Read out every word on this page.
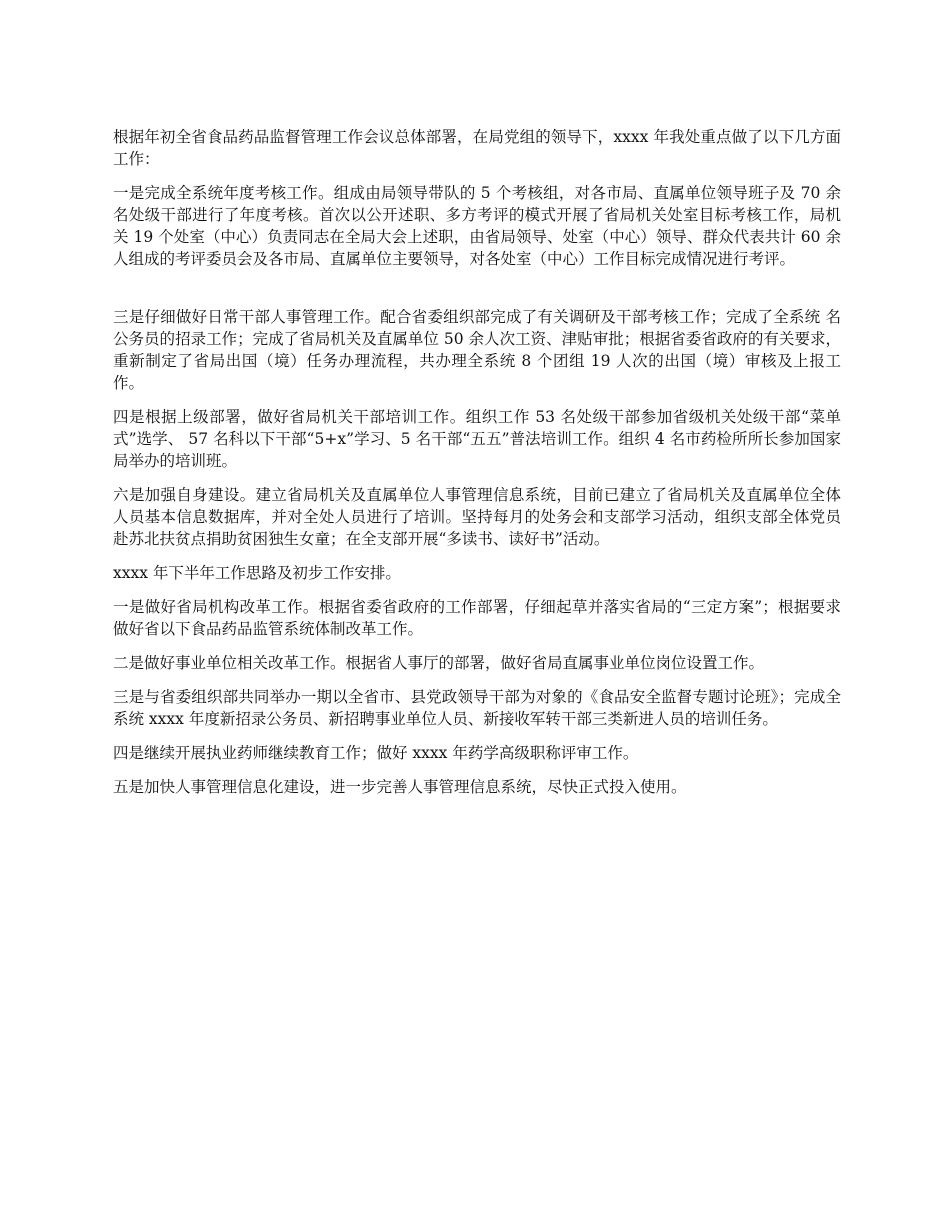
根据年初全省食品药品监督管理工作会议总体部署，在局党组的领导下，xxxx 年我处重点做了以下几方面工作：

一是完成全系统年度考核工作。组成由局领导带队的 5 个考核组，对各市局、直属单位领导班子及 70 余名处级干部进行了年度考核。首次以公开述职、多方考评的模式开展了省局机关处室目标考核工作，局机关 19 个处室（中心）负责同志在全局大会上述职，由省局领导、处室（中心）领导、群众代表共计 60 余人组成的考评委员会及各市局、直属单位主要领导，对各处室（中心）工作目标完成情况进行考评。

三是仔细做好日常干部人事管理工作。配合省委组织部完成了有关调研及干部考核工作；完成了全系统 名公务员的招录工作；完成了省局机关及直属单位 50 余人次工资、津贴审批；根据省委省政府的有关要求，重新制定了省局出国（境）任务办理流程，共办理全系统 8 个团组 19 人次的出国（境）审核及上报工作。

四是根据上级部署，做好省局机关干部培训工作。组织工作 53 名处级干部参加省级机关处级干部“菜单式”选学、 57 名科以下干部“5+x”学习、5 名干部“五五”普法培训工作。组织 4 名市药检所所长参加国家局举办的培训班。

六是加强自身建设。建立省局机关及直属单位人事管理信息系统，目前已建立了省局机关及直属单位全体人员基本信息数据库，并对全处人员进行了培训。坚持每月的处务会和支部学习活动，组织支部全体党员赴苏北扶贫点捐助贫困独生女童；在全支部开展“多读书、读好书”活动。

xxxx 年下半年工作思路及初步工作安排。

一是做好省局机构改革工作。根据省委省政府的工作部署，仔细起草并落实省局的“三定方案”；根据要求做好省以下食品药品监管系统体制改革工作。

二是做好事业单位相关改革工作。根据省人事厅的部署，做好省局直属事业单位岗位设置工作。

三是与省委组织部共同举办一期以全省市、县党政领导干部为对象的《食品安全监督专题讨论班》；完成全系统 xxxx 年度新招录公务员、新招聘事业单位人员、新接收军转干部三类新进人员的培训任务。

四是继续开展执业药师继续教育工作；做好 xxxx 年药学高级职称评审工作。

五是加快人事管理信息化建设，进一步完善人事管理信息系统，尽快正式投入使用。
